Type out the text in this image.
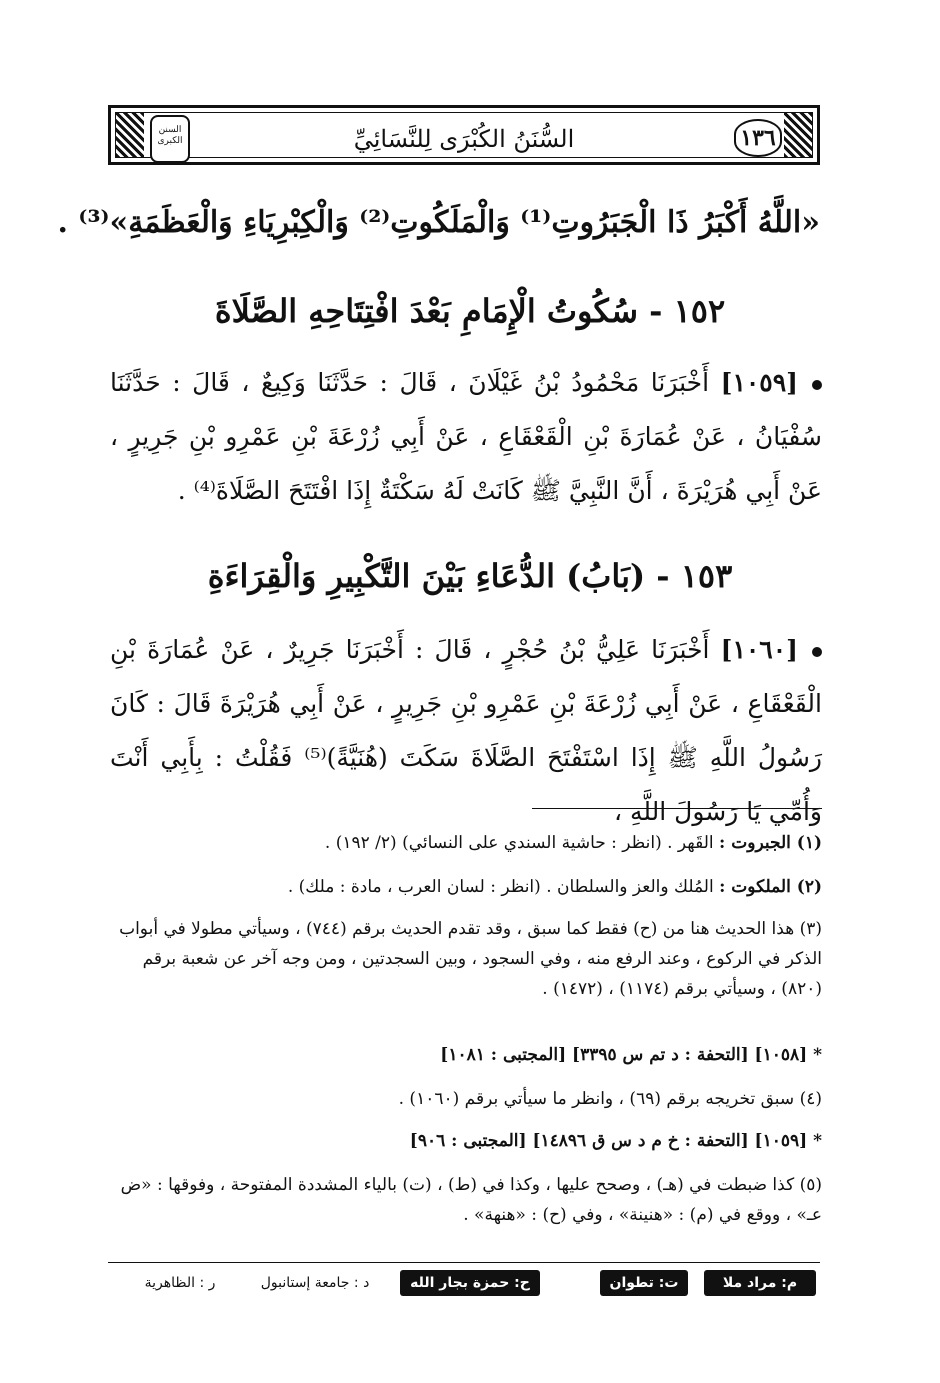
السنن الكبرى	السُّنَنُ الكُبْرَى لِلنَّسَائِيِّ	١٣٦
«اللَّهُ أَكْبَرُ ذَا الْجَبَرُوتِ⁽¹⁾ وَالْمَلَكُوتِ⁽²⁾ وَالْكِبْرِيَاءِ وَالْعَظَمَةِ»⁽³⁾ .
١٥٢ - سُكُوتُ الْإِمَامِ بَعْدَ افْتِتَاحِهِ الصَّلَاةَ
[١٠٥٩] أَخْبَرَنَا مَحْمُودُ بْنُ غَيْلَانَ ، قَالَ : حَدَّثَنَا وَكِيعٌ ، قَالَ : حَدَّثَنَا سُفْيَانُ ، عَنْ عُمَارَةَ بْنِ الْقَعْقَاعِ ، عَنْ أَبِي زُرْعَةَ بْنِ عَمْرِو بْنِ جَرِيرٍ ، عَنْ أَبِي هُرَيْرَةَ ، أَنَّ النَّبِيَّ ﷺ كَانَتْ لَهُ سَكْتَةٌ إِذَا افْتَتَحَ الصَّلَاةَ⁽⁴⁾ .
١٥٣ - (بَابُ) الدُّعَاءِ بَيْنَ التَّكْبِيرِ وَالْقِرَاءَةِ
[١٠٦٠] أَخْبَرَنَا عَلِيُّ بْنُ حُجْرٍ ، قَالَ : أَخْبَرَنَا جَرِيرٌ ، عَنْ عُمَارَةَ بْنِ الْقَعْقَاعِ ، عَنْ أَبِي زُرْعَةَ بْنِ عَمْرِو بْنِ جَرِيرٍ ، عَنْ أَبِي هُرَيْرَةَ قَالَ : كَانَ رَسُولُ اللَّهِ ﷺ إِذَا اسْتَفْتَحَ الصَّلَاةَ سَكَتَ (هُنَيَّةً)⁽⁵⁾ فَقُلْتُ : بِأَبِي أَنْتَ وَأُمِّي يَا رَسُولَ اللَّهِ ،
(١) الجبروت : القَهر . (انظر : حاشية السندي على النسائي) (٢/ ١٩٢) .
(٢) الملكوت : المُلك والعز والسلطان . (انظر : لسان العرب ، مادة : ملك) .
(٣) هذا الحديث هنا من (ح) فقط كما سبق ، وقد تقدم الحديث برقم (٧٤٤) ، وسيأتي مطولا في أبواب الذكر في الركوع ، وعند الرفع منه ، وفي السجود ، وبين السجدتين ، ومن وجه آخر عن شعبة برقم (٨٢٠) ، وسيأتي برقم (١١٧٤) ، (١٤٧٢) .
* [١٠٥٨] [التحفة : د تم س ٣٣٩٥] [المجتبى : ١٠٨١]
(٤) سبق تخريجه برقم (٦٩) ، وانظر ما سيأتي برقم (١٠٦٠) .
* [١٠٥٩] [التحفة : خ م د س ق ١٤٨٩٦] [المجتبى : ٩٠٦]
(٥) كذا ضبطت في (هـ) ، وصحح عليها ، وكذا في (ط) ، (ت) بالياء المشددة المفتوحة ، وفوقها : «ض عـ» ، ووقع في (م) : «هنينة» ، وفي (ح) : «هنهة» .
م: مراد ملا
ت: تطوان
ح: حمزة بجار الله
د : جامعة إستانبول
ر : الظاهرية
